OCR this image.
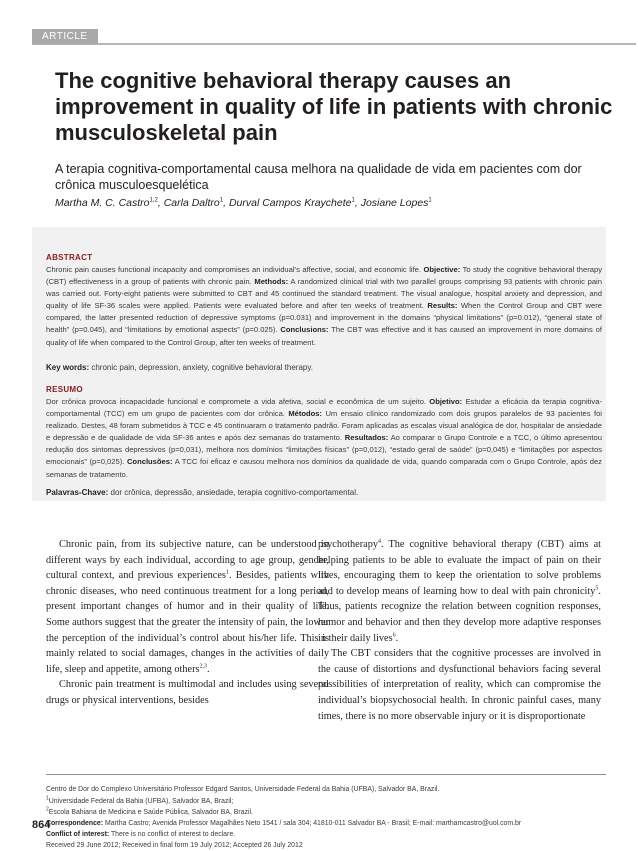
ARTICLE
The cognitive behavioral therapy causes an improvement in quality of life in patients with chronic musculoskeletal pain

A terapia cognitiva-comportamental causa melhora na qualidade de vida em pacientes com dor crônica musculoesquelética

Martha M. C. Castro$^{1,2}$, Carla Daltro$^1$, Durval Campos Kraychete$^1$, Josiane Lopes$^1$
ABSTRACT

Chronic pain causes functional incapacity and compromises an individual’s affective, social, and economic life. Objective: To study the cognitive behavioral therapy (CBT) effectiveness in a group of patients with chronic pain. Methods: A randomized clinical trial with two parallel groups comprising 93 patients with chronic pain was carried out. Forty-eight patients were submitted to CBT and 45 continued the standard treatment. The visual analogue, hospital anxiety and depression, and quality of life SF-36 scales were applied. Patients were evaluated before and after ten weeks of treatment. Results: When the Control Group and CBT were compared, the latter presented reduction of depressive symptoms (p=0.031) and improvement in the domains “physical limitations” (p=0.012), “general state of health” (p=0.045), and “limitations by emotional aspects” (p=0.025). Conclusions: The CBT was effective and it has caused an improvement in more domains of quality of life when compared to the Control Group, after ten weeks of treatment.

Key words: chronic pain, depression, anxiety, cognitive behavioral therapy.
RESUMO

Dor crônica provoca incapacidade funcional e compromete a vida afetiva, social e econômica de um sujeito. Objetivo: Estudar a eficácia da terapia cognitiva-comportamental (TCC) em um grupo de pacientes com dor crônica. Métodos: Um ensaio clínico randomizado com dois grupos paralelos de 93 pacientes foi realizado. Destes, 48 foram submetidos à TCC e 45 continuaram o tratamento padrão. Foram aplicadas as escalas visual analógica de dor, hospitalar de ansiedade e depressão e de qualidade de vida SF-36 antes e após dez semanas do tratamento. Resultados: Ao comparar o Grupo Controle e a TCC, o último apresentou redução dos sintomas depressivos (p=0,031), melhora nos domínios “limitações físicas” (p=0,012), “estado geral de saúde” (p=0,045) e “limitações por aspectos emocionais” (p=0,025). Conclusões: A TCC foi eficaz e causou melhora nos domínios da qualidade de vida, quando comparada com o Grupo Controle, após dez semanas de tratamento.

Palavras-Chave: dor crônica, depressão, ansiedade, terapia cognitivo-comportamental.

Chronic pain, from its subjective nature, can be understood in different ways by each individual, according to age group, gender, cultural context, and previous experiences$^1$. Besides, patients with chronic diseases, who need continuous treatment for a long period, present important changes of humor and in their quality of life. Some authors suggest that the greater the intensity of pain, the lower the perception of the individual’s control about his/her life. This is mainly related to social damages, changes in the activities of daily life, sleep and appetite, among others$^{2,3}$.

Chronic pain treatment is multimodal and includes using several drugs or physical interventions, besides

psychotherapy$^4$. The cognitive behavioral therapy (CBT) aims at helping patients to be able to evaluate the impact of pain on their lives, encouraging them to keep the orientation to solve problems and to develop means of learning how to deal with pain chronicity$^5$. Thus, patients recognize the relation between cognition responses, humor and behavior and then they develop more adaptive responses in their daily lives$^6$.

The CBT considers that the cognitive processes are involved in the cause of distortions and dysfunctional behaviors facing several possibilities of interpretation of reality, which can compromise the individual’s biopsychosocial health. In chronic painful cases, many times, there is no more observable injury or it is disproportionate

Centro de Dor do Complexo Universitário Professor Edgard Santos, Universidade Federal da Bahia (UFBA), Salvador BA, Brazil.
$^1$Universidade Federal da Bahia (UFBA), Salvador BA, Brazil;
$^2$Escola Bahiana de Medicina e Saúde Pública, Salvador BA, Brazil.
Correspondence: Martha Castro; Avenida Professor Magalhães Neto 1541 / sala 304; 41810-011 Salvador BA - Brasil; E-mail: marthamcastro@uol.com.br
Conflict of interest: There is no conflict of interest to declare.
Received 29 June 2012; Received in final form 19 July 2012; Accepted 26 July 2012
864
